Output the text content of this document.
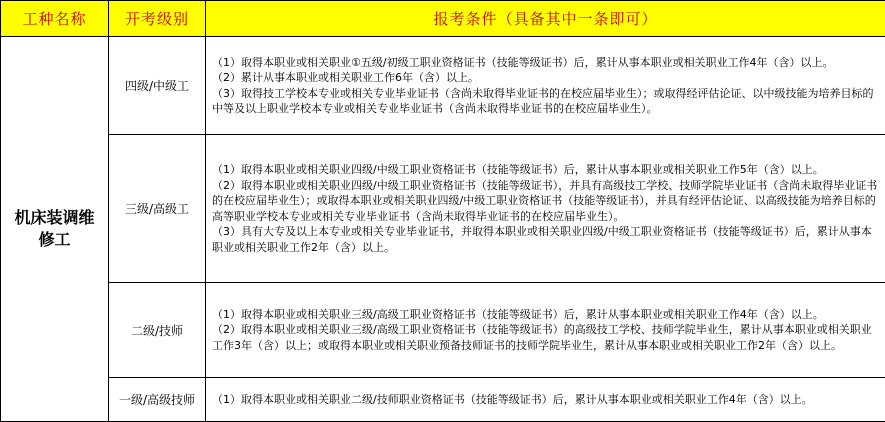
工种名称	开考级别	报考条件（具备其中一条即可）
机床装调维修工	四级/中级工	（1）取得本职业或相关职业①五级/初级工职业资格证书（技能等级证书）后，累计从事本职业或相关职业工作4年（含）以上。

（2）累计从事本职业或相关职业工作6年（含）以上。

（3）取得技工学校本专业或相关专业毕业证书（含尚未取得毕业证书的在校应届毕业生）；或取得经评估论证、以中级技能为培养目标的中等及以上职业学校本专业或相关专业毕业证书（含尚未取得毕业证书的在校应届毕业生）。

	三级/高级工	（1）取得本职业或相关职业四级/中级工职业资格证书（技能等级证书）后，累计从事本职业或相关职业工作5年（含）以上。

（2）取得本职业或相关职业四级/中级工职业资格证书（技能等级证书），并具有高级技工学校、技师学院毕业证书（含尚未取得毕业证书的在校应届毕业生）；或取得本职业或相关职业四级/中级工职业资格证书（技能等级证书），并具有经评估论证、以高级技能为培养目标的高等职业学校本专业或相关专业毕业证书（含尚未取得毕业证书的在校应届毕业生）。

（3）具有大专及以上本专业或相关专业毕业证书，并取得本职业或相关职业四级/中级工职业资格证书（技能等级证书）后，累计从事本职业或相关职业工作2年（含）以上。

	二级/技师	（1）取得本职业或相关职业三级/高级工职业资格证书（技能等级证书）后，累计从事本职业或相关职业工作4年（含）以上。

（2）取得本职业或相关职业三级/高级工职业资格证书（技能等级证书）的高级技工学校、技师学院毕业生，累计从事本职业或相关职业工作3年（含）以上；或取得本职业或相关职业预备技师证书的技师学院毕业生，累计从事本职业或相关职业工作2年（含）以上。

	一级/高级技师	（1）取得本职业或相关职业二级/技师职业资格证书（技能等级证书）后，累计从事本职业或相关职业工作4年（含）以上。
